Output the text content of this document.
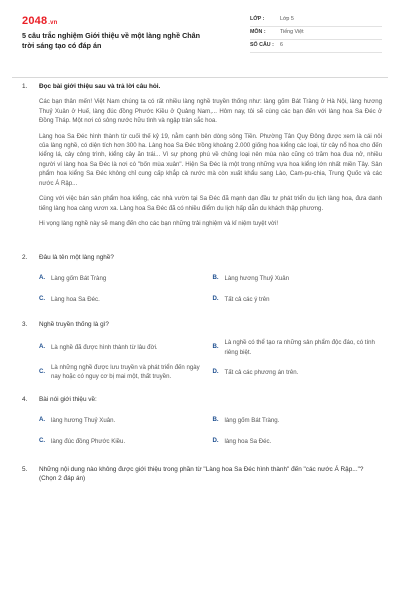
2048.vn
5 câu trắc nghiệm Giới thiệu về một làng nghề Chân trời sáng tạo có đáp án
LỚP :	Lớp 5
MÔN :	Tiếng Việt
SỐ CÂU :	6
1. Đọc bài giới thiệu sau và trả lời câu hỏi.

Các bạn thân mến! Việt Nam chúng ta có rất nhiều làng nghề truyền thống như: làng gốm Bát Tràng ở Hà Nội, làng hương Thuỷ Xuân ở Huế, làng đúc đồng Phước Kiều ở Quảng Nam,... Hôm nay, tôi sẽ cùng các bạn đến với làng hoa Sa Đéc ở Đồng Tháp. Một nơi có sông nước hữu tình và ngập tràn sắc hoa.

Làng hoa Sa Đéc hình thành từ cuối thế kỷ 19, nằm cạnh bên dòng sông Tiền. Phường Tân Quy Đông được xem là cái nôi của làng nghề, có diện tích hơn 300 ha. Làng hoa Sa Đéc trồng khoảng 2.000 giống hoa kiểng các loại, từ cây nổ hoa cho đến kiểng lá, cây công trình, kiểng cây ăn trái... Vì sự phong phú về chủng loại nên mùa nào cũng có trăm hoa đua nở, nhiều người ví làng hoa Sa Đéc là nơi có "bốn mùa xuân". Hiện Sa Đéc là một trong những vựa hoa kiểng lớn nhất miền Tây. Sản phẩm hoa kiểng Sa Đéc không chỉ cung cấp khắp cả nước mà còn xuất khẩu sang Lào, Cam-pu-chia, Trung Quốc và các nước Á Rập...

Cùng với việc bán sản phẩm hoa kiểng, các nhà vườn tại Sa Đéc đã mạnh dạn đầu tư phát triển du lịch làng hoa, đưa danh tiếng làng hoa càng vươn xa. Làng hoa Sa Đéc đã có nhiều điểm du lịch hấp dẫn du khách thập phương.

Hi vọng làng nghề này sẽ mang đến cho các bạn những trải nghiệm và kỉ niệm tuyệt vời!

2. Đâu là tên một làng nghề?
A. Làng gốm Bát Tràng	B. Làng hương Thuỷ Xuân
C. Làng hoa Sa Đéc.	D. Tất cả các ý trên
3. Nghề truyền thống là gì?
A. Là nghề đã được hình thành từ lâu đời.	B.
Là nghề có thể tạo ra những sản phẩm độc đáo, có tính riêng biệt.
C.
Là những nghề được lưu truyền và phát triển đến ngày nay hoặc có nguy cơ bị mai một, thất truyền.
D. Tất cả các phương án trên.
4. Bài nói giới thiệu về:
A. làng hương Thuỷ Xuân.	B. làng gốm Bát Tràng.
C. làng đúc đồng Phước Kiều.	D. làng hoa Sa Đéc.
5. Những nội dung nào không được giới thiệu trong phần từ "Làng hoa Sa Đéc hình thành" đến "các nước Á Rập..."? (Chọn 2 đáp án)
